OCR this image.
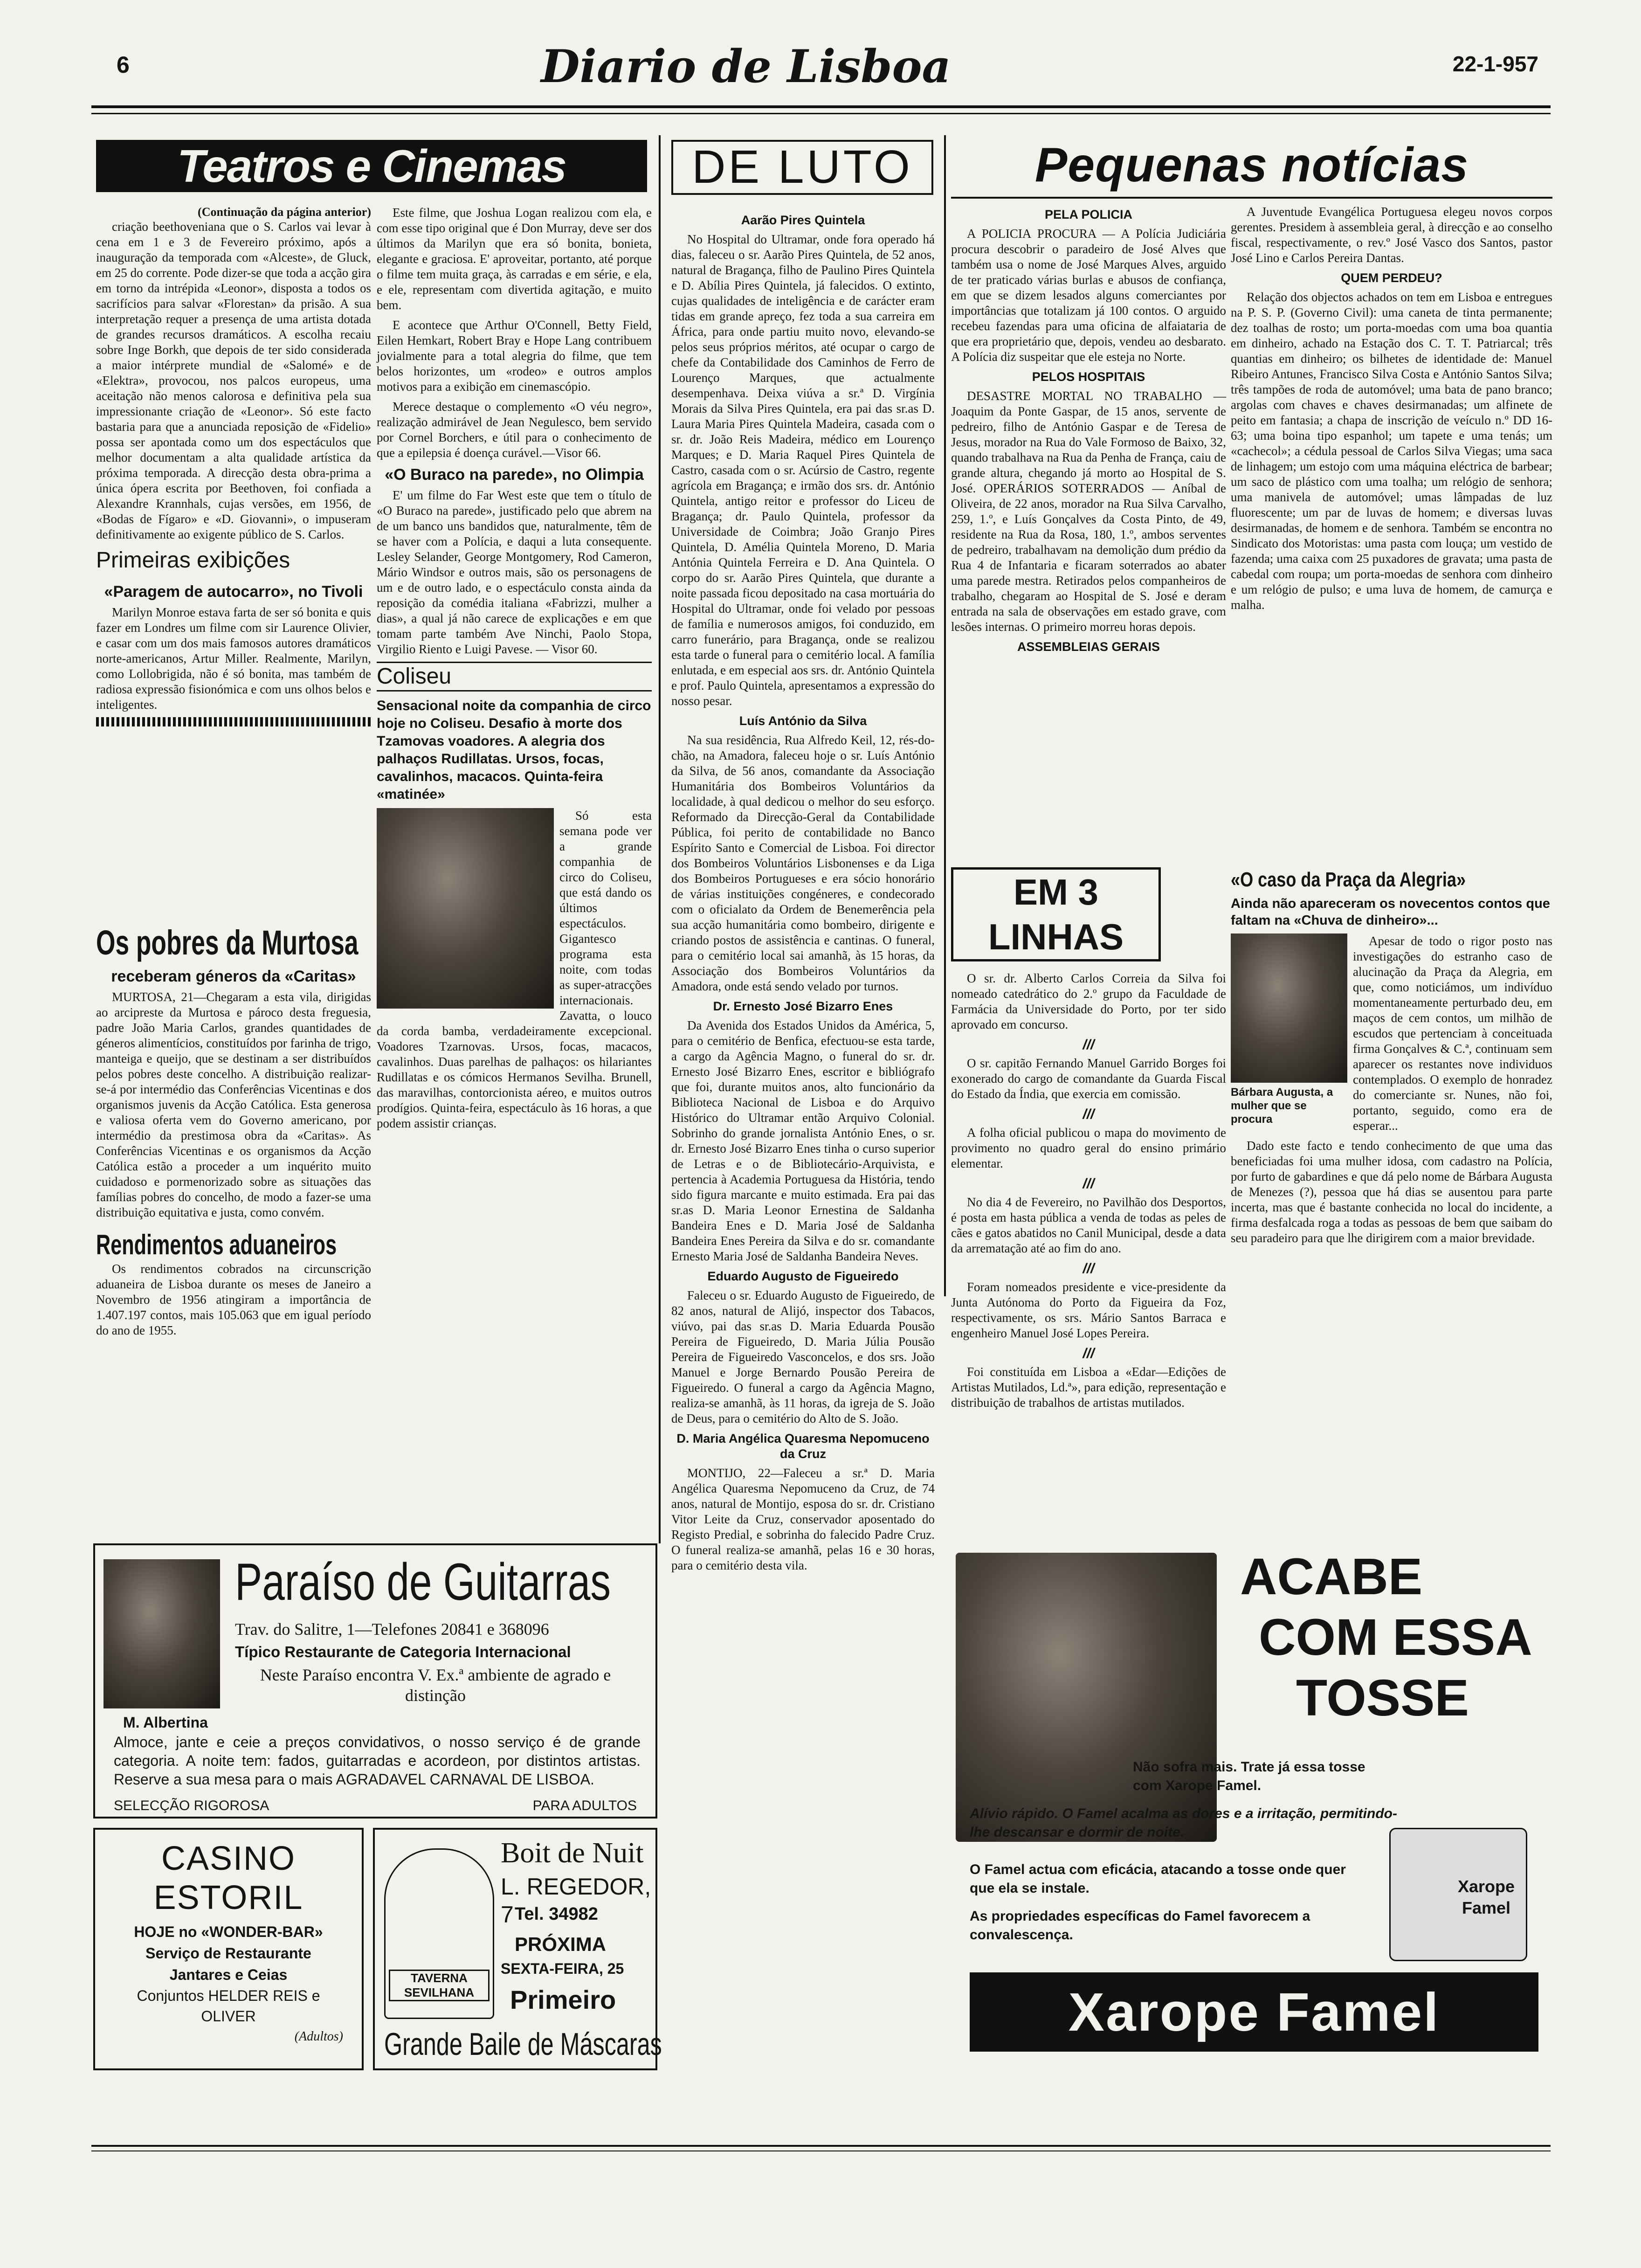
6	Diario de Lisboa	22-1-957
Teatros e Cinemas
(Continuação da página anterior)

criação beethoveniana que o S. Carlos vai levar à cena em 1 e 3 de Fevereiro próximo, após a inauguração da temporada com «Alceste», de Gluck, em 25 do corrente. Pode dizer-se que toda a acção gira em torno da intrépida «Leonor», disposta a todos os sacrifícios para salvar «Florestan» da prisão. A sua interpretação requer a presença de uma artista dotada de grandes recursos dramáticos. A escolha recaiu sobre Inge Borkh, que depois de ter sido considerada a maior intérprete mundial de «Salomé» e de «Elektra», provocou, nos palcos europeus, uma aceitação não menos calorosa e definitiva pela sua impressionante criação de «Leonor». Só este facto bastaria para que a anunciada reposição de «Fidelio» possa ser apontada como um dos espectáculos que melhor documentam a alta qualidade artística da próxima temporada. A direcção desta obra-prima a única ópera escrita por Beethoven, foi confiada a Alexandre Krannhals, cujas versões, em 1956, de «Bodas de Fígaro» e «D. Giovanni», o impuseram definitivamente ao exigente público de S. Carlos.

Primeiras exibições
«Paragem de autocarro», no Tivoli

Marilyn Monroe estava farta de ser só bonita e quis fazer em Londres um filme com sir Laurence Olivier, e casar com um dos mais famosos autores dramáticos norte-americanos, Artur Miller. Realmente, Marilyn, como Lollobrigida, não é só bonita, mas também de radiosa expressão fisionómica e com uns olhos belos e inteligentes.

Este filme, que Joshua Logan realizou com ela, e com esse tipo original que é Don Murray, deve ser dos últimos da Marilyn que era só bonita, bonieta, elegante e graciosa. E' aproveitar, portanto, até porque o filme tem muita graça, às carradas e em série, e ela, e ele, representam com divertida agitação, e muito bem.

E acontece que Arthur O'Connell, Betty Field, Eilen Hemkart, Robert Bray e Hope Lang contribuem jovialmente para a total alegria do filme, que tem belos horizontes, um «rodeo» e outros amplos motivos para a exibição em cinemascópio.

Merece destaque o complemento «O véu negro», realização admirável de Jean Negulesco, bem servido por Cornel Borchers, e útil para o conhecimento de que a epilepsia é doença curável.—Visor 66.

«O Buraco na parede», no Olimpia

E' um filme do Far West este que tem o título de «O Buraco na parede», justificado pelo que abrem na de um banco uns bandidos que, naturalmente, têm de se haver com a Polícia, e daqui a luta consequente. Lesley Selander, George Montgomery, Rod Cameron, Mário Windsor e outros mais, são os personagens de um e de outro lado, e o espectáculo consta ainda da reposição da comédia italiana «Fabrizzi, mulher a dias», a qual já não carece de explicações e em que tomam parte também Ave Ninchi, Paolo Stopa, Virgilio Riento e Luigi Pavese. — Visor 60.

Coliseu
Sensacional noite da companhia de circo hoje no Coliseu. Desafio à morte dos Tzamovas voadores. A alegria dos palhaços Rudillatas. Ursos, focas, cavalinhos, macacos. Quinta-feira «matinée»

Só esta semana pode ver a grande companhia de circo do Coliseu, que está dando os últimos espectáculos. Gigantesco programa esta noite, com todas as super-atracções internacionais. Zavatta, o louco da corda bamba, verdadeiramente excepcional. Voadores Tzarnovas. Ursos, focas, macacos, cavalinhos. Duas parelhas de palhaços: os hilariantes Rudillatas e os cómicos Hermanos Sevilha. Brunell, das maravilhas, contorcionista aéreo, e muitos outros prodígios. Quinta-feira, espectáculo às 16 horas, a que podem assistir crianças.

Os pobres da Murtosa
receberam géneros da «Caritas»

MURTOSA, 21—Chegaram a esta vila, dirigidas ao arcipreste da Murtosa e pároco desta freguesia, padre João Maria Carlos, grandes quantidades de géneros alimentícios, constituídos por farinha de trigo, manteiga e queijo, que se destinam a ser distribuídos pelos pobres deste concelho. A distribuição realizar-se-á por intermédio das Conferências Vicentinas e dos organismos juvenis da Acção Católica. Esta generosa e valiosa oferta vem do Governo americano, por intermédio da prestimosa obra da «Caritas». As Conferências Vicentinas e os organismos da Acção Católica estão a proceder a um inquérito muito cuidadoso e pormenorizado sobre as situações das famílias pobres do concelho, de modo a fazer-se uma distribuição equitativa e justa, como convém.

Rendimentos aduaneiros

Os rendimentos cobrados na circunscrição aduaneira de Lisboa durante os meses de Janeiro a Novembro de 1956 atingiram a importância de 1.407.197 contos, mais 105.063 que em igual período do ano de 1955.

DE LUTO
Aarão Pires Quintela

No Hospital do Ultramar, onde fora operado há dias, faleceu o sr. Aarão Pires Quintela, de 52 anos, natural de Bragança, filho de Paulino Pires Quintela e D. Abília Pires Quintela, já falecidos. O extinto, cujas qualidades de inteligência e de carácter eram tidas em grande apreço, fez toda a sua carreira em África, para onde partiu muito novo, elevando-se pelos seus próprios méritos, até ocupar o cargo de chefe da Contabilidade dos Caminhos de Ferro de Lourenço Marques, que actualmente desempenhava. Deixa viúva a sr.ª D. Virgínia Morais da Silva Pires Quintela, era pai das sr.as D. Laura Maria Pires Quintela Madeira, casada com o sr. dr. João Reis Madeira, médico em Lourenço Marques; e D. Maria Raquel Pires Quintela de Castro, casada com o sr. Acúrsio de Castro, regente agrícola em Bragança; e irmão dos srs. dr. António Quintela, antigo reitor e professor do Liceu de Bragança; dr. Paulo Quintela, professor da Universidade de Coimbra; João Granjo Pires Quintela, D. Amélia Quintela Moreno, D. Maria Antónia Quintela Ferreira e D. Ana Quintela. O corpo do sr. Aarão Pires Quintela, que durante a noite passada ficou depositado na casa mortuária do Hospital do Ultramar, onde foi velado por pessoas de família e numerosos amigos, foi conduzido, em carro funerário, para Bragança, onde se realizou esta tarde o funeral para o cemitério local. A família enlutada, e em especial aos srs. dr. António Quintela e prof. Paulo Quintela, apresentamos a expressão do nosso pesar.

Luís António da Silva

Na sua residência, Rua Alfredo Keil, 12, rés-do-chão, na Amadora, faleceu hoje o sr. Luís António da Silva, de 56 anos, comandante da Associação Humanitária dos Bombeiros Voluntários da localidade, à qual dedicou o melhor do seu esforço. Reformado da Direcção-Geral da Contabilidade Pública, foi perito de contabilidade no Banco Espírito Santo e Comercial de Lisboa. Foi director dos Bombeiros Voluntários Lisbonenses e da Liga dos Bombeiros Portugueses e era sócio honorário de várias instituições congéneres, e condecorado com o oficialato da Ordem de Benemerência pela sua acção humanitária como bombeiro, dirigente e criando postos de assistência e cantinas. O funeral, para o cemitério local sai amanhã, às 15 horas, da Associação dos Bombeiros Voluntários da Amadora, onde está sendo velado por turnos.

Dr. Ernesto José Bizarro Enes

Da Avenida dos Estados Unidos da América, 5, para o cemitério de Benfica, efectuou-se esta tarde, a cargo da Agência Magno, o funeral do sr. dr. Ernesto José Bizarro Enes, escritor e bibliógrafo que foi, durante muitos anos, alto funcionário da Biblioteca Nacional de Lisboa e do Arquivo Histórico do Ultramar então Arquivo Colonial. Sobrinho do grande jornalista António Enes, o sr. dr. Ernesto José Bizarro Enes tinha o curso superior de Letras e o de Bibliotecário-Arquivista, e pertencia à Academia Portuguesa da História, tendo sido figura marcante e muito estimada. Era pai das sr.as D. Maria Leonor Ernestina de Saldanha Bandeira Enes e D. Maria José de Saldanha Bandeira Enes Pereira da Silva e do sr. comandante Ernesto Maria José de Saldanha Bandeira Neves.

Eduardo Augusto de Figueiredo

Faleceu o sr. Eduardo Augusto de Figueiredo, de 82 anos, natural de Alijó, inspector dos Tabacos, viúvo, pai das sr.as D. Maria Eduarda Pousão Pereira de Figueiredo, D. Maria Júlia Pousão Pereira de Figueiredo Vasconcelos, e dos srs. João Manuel e Jorge Bernardo Pousão Pereira de Figueiredo. O funeral a cargo da Agência Magno, realiza-se amanhã, às 11 horas, da igreja de S. João de Deus, para o cemitério do Alto de S. João.

D. Maria Angélica Quaresma Nepomuceno da Cruz

MONTIJO, 22—Faleceu a sr.ª D. Maria Angélica Quaresma Nepomuceno da Cruz, de 74 anos, natural de Montijo, esposa do sr. dr. Cristiano Vitor Leite da Cruz, conservador aposentado do Registo Predial, e sobrinha do falecido Padre Cruz. O funeral realiza-se amanhã, pelas 16 e 30 horas, para o cemitério desta vila.

Pequenas notícias
PELA POLICIA

A POLICIA PROCURA — A Polícia Judiciária procura descobrir o paradeiro de José Alves que também usa o nome de José Marques Alves, arguido de ter praticado várias burlas e abusos de confiança, em que se dizem lesados alguns comerciantes por importâncias que totalizam já 100 contos. O arguido recebeu fazendas para uma oficina de alfaiataria de que era proprietário que, depois, vendeu ao desbarato. A Polícia diz suspeitar que ele esteja no Norte.

PELOS HOSPITAIS

DESASTRE MORTAL NO TRABALHO — Joaquim da Ponte Gaspar, de 15 anos, servente de pedreiro, filho de António Gaspar e de Teresa de Jesus, morador na Rua do Vale Formoso de Baixo, 32, quando trabalhava na Rua da Penha de França, caiu de grande altura, chegando já morto ao Hospital de S. José. OPERÁRIOS SOTERRADOS — Aníbal de Oliveira, de 22 anos, morador na Rua Silva Carvalho, 259, 1.º, e Luís Gonçalves da Costa Pinto, de 49, residente na Rua da Rosa, 180, 1.º, ambos serventes de pedreiro, trabalhavam na demolição dum prédio da Rua 4 de Infantaria e ficaram soterrados ao abater uma parede mestra. Retirados pelos companheiros de trabalho, chegaram ao Hospital de S. José e deram entrada na sala de observações em estado grave, com lesões internas. O primeiro morreu horas depois.

ASSEMBLEIAS GERAIS

A Juventude Evangélica Portuguesa elegeu novos corpos gerentes. Presidem à assembleia geral, à direcção e ao conselho fiscal, respectivamente, o rev.º José Vasco dos Santos, pastor José Lino e Carlos Pereira Dantas.

QUEM PERDEU?

Relação dos objectos achados on tem em Lisboa e entregues na P. S. P. (Governo Civil): uma caneta de tinta permanente; dez toalhas de rosto; um porta-moedas com uma boa quantia em dinheiro, achado na Estação dos C. T. T. Patriarcal; três quantias em dinheiro; os bilhetes de identidade de: Manuel Ribeiro Antunes, Francisco Silva Costa e António Santos Silva; três tampões de roda de automóvel; uma bata de pano branco; argolas com chaves e chaves desirmanadas; um alfinete de peito em fantasia; a chapa de inscrição de veículo n.º DD 16-63; uma boina tipo espanhol; um tapete e uma tenás; um «cachecol»; a cédula pessoal de Carlos Silva Viegas; uma saca de linhagem; um estojo com uma máquina eléctrica de barbear; um saco de plástico com uma toalha; um relógio de senhora; uma manivela de automóvel; umas lâmpadas de luz fluorescente; um par de luvas de homem; e diversas luvas desirmanadas, de homem e de senhora. Também se encontra no Sindicato dos Motoristas: uma pasta com louça; um vestido de fazenda; uma caixa com 25 puxadores de gravata; uma pasta de cabedal com roupa; um porta-moedas de senhora com dinheiro e um relógio de pulso; e uma luva de homem, de camurça e malha.

EM 3 LINHAS

O sr. dr. Alberto Carlos Correia da Silva foi nomeado catedrático do 2.º grupo da Faculdade de Farmácia da Universidade do Porto, por ter sido aprovado em concurso.

///

O sr. capitão Fernando Manuel Garrido Borges foi exonerado do cargo de comandante da Guarda Fiscal do Estado da Índia, que exercia em comissão.

///

A folha oficial publicou o mapa do movimento de provimento no quadro geral do ensino primário elementar.

///

No dia 4 de Fevereiro, no Pavilhão dos Desportos, é posta em hasta pública a venda de todas as peles de cães e gatos abatidos no Canil Municipal, desde a data da arrematação até ao fim do ano.

///

Foram nomeados presidente e vice-presidente da Junta Autónoma do Porto da Figueira da Foz, respectivamente, os srs. Mário Santos Barraca e engenheiro Manuel José Lopes Pereira.

///

Foi constituída em Lisboa a «Edar—Edições de Artistas Mutilados, Ld.ª», para edição, representação e distribuição de trabalhos de artistas mutilados.

«O caso da Praça da Alegria»
Ainda não apareceram os novecentos contos que faltam na «Chuva de dinheiro»...
Bárbara Augusta, a mulher que se procura

Apesar de todo o rigor posto nas investigações do estranho caso de alucinação da Praça da Alegria, em que, como noticiámos, um indivíduo momentaneamente perturbado deu, em maços de cem contos, um milhão de escudos que pertenciam à conceituada firma Gonçalves & C.ª, continuam sem aparecer os restantes nove individuos contemplados. O exemplo de honradez do comerciante sr. Nunes, não foi, portanto, seguido, como era de esperar...

Dado este facto e tendo conhecimento de que uma das beneficiadas foi uma mulher idosa, com cadastro na Polícia, por furto de gabardines e que dá pelo nome de Bárbara Augusta de Menezes (?), pessoa que há dias se ausentou para parte incerta, mas que é bastante conhecida no local do incidente, a firma desfalcada roga a todas as pessoas de bem que saibam do seu paradeiro para que lhe dirigirem com a maior brevidade.

Paraíso de Guitarras
Trav. do Salitre, 1—Telefones 20841 e 368096
Típico Restaurante de Categoria Internacional
Neste Paraíso encontra V. Ex.ª ambiente de agrado e distinção
M. Albertina
Almoce, jante e ceie a preços convidativos, o nosso serviço é de grande categoria. A noite tem: fados, guitarradas e acordeon, por distintos artistas. Reserve a sua mesa para o mais AGRADAVEL CARNAVAL DE LISBOA.
SELECÇÃO RIGOROSA	PARA ADULTOS
CASINO ESTORIL
HOJE no «WONDER-BAR»
Serviço de Restaurante
Jantares e Ceias
Conjuntos HELDER REIS e OLIVER
(Adultos)
TAVERNA SEVILHANA
Boit de Nuit
L. REGEDOR, 7 Tel. 34982
PRÓXIMA
SEXTA-FEIRA, 25
Primeiro
Grande Baile de Máscaras
ACABE
COM ESSA
TOSSE
Não sofra mais. Trate já essa tosse com Xarope Famel.
Alívio rápido. O Famel acalma as dores e a irritação, permitindo-lhe descansar e dormir de noite.
O Famel actua com eficácia, atacando a tosse onde quer que ela se instale.
As propriedades específicas do Famel favorecem a convalescença.
Xarope Famel
Xarope Famel
